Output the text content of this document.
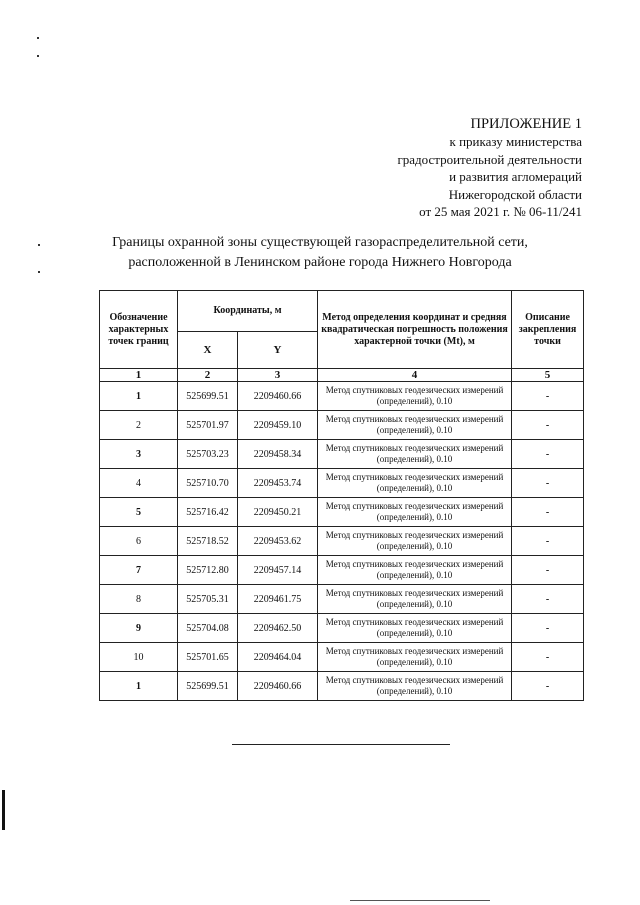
ПРИЛОЖЕНИЕ 1
к приказу министерства
градостроительной деятельности
и развития агломераций
Нижегородской области
от 25 мая 2021 г. № 06-11/241
Границы охранной зоны существующей газораспределительной сети,
расположенной в Ленинском районе города Нижнего Новгорода
Обозначение характерных точек границ	Координаты, м		Метод определения координат и средняя квадратическая погрешность положения характерной точки (Mt), м	Описание закрепления точки
	X	Y		
1	2	3	4	5
1	525699.51	2209460.66	Метод спутниковых геодезических измерений (определений), 0.10	-
2	525701.97	2209459.10	Метод спутниковых геодезических измерений (определений), 0.10	-
3	525703.23	2209458.34	Метод спутниковых геодезических измерений (определений), 0.10	-
4	525710.70	2209453.74	Метод спутниковых геодезических измерений (определений), 0.10	-
5	525716.42	2209450.21	Метод спутниковых геодезических измерений (определений), 0.10	-
6	525718.52	2209453.62	Метод спутниковых геодезических измерений (определений), 0.10	-
7	525712.80	2209457.14	Метод спутниковых геодезических измерений (определений), 0.10	-
8	525705.31	2209461.75	Метод спутниковых геодезических измерений (определений), 0.10	-
9	525704.08	2209462.50	Метод спутниковых геодезических измерений (определений), 0.10	-
10	525701.65	2209464.04	Метод спутниковых геодезических измерений (определений), 0.10	-
1	525699.51	2209460.66	Метод спутниковых геодезических измерений (определений), 0.10	-
